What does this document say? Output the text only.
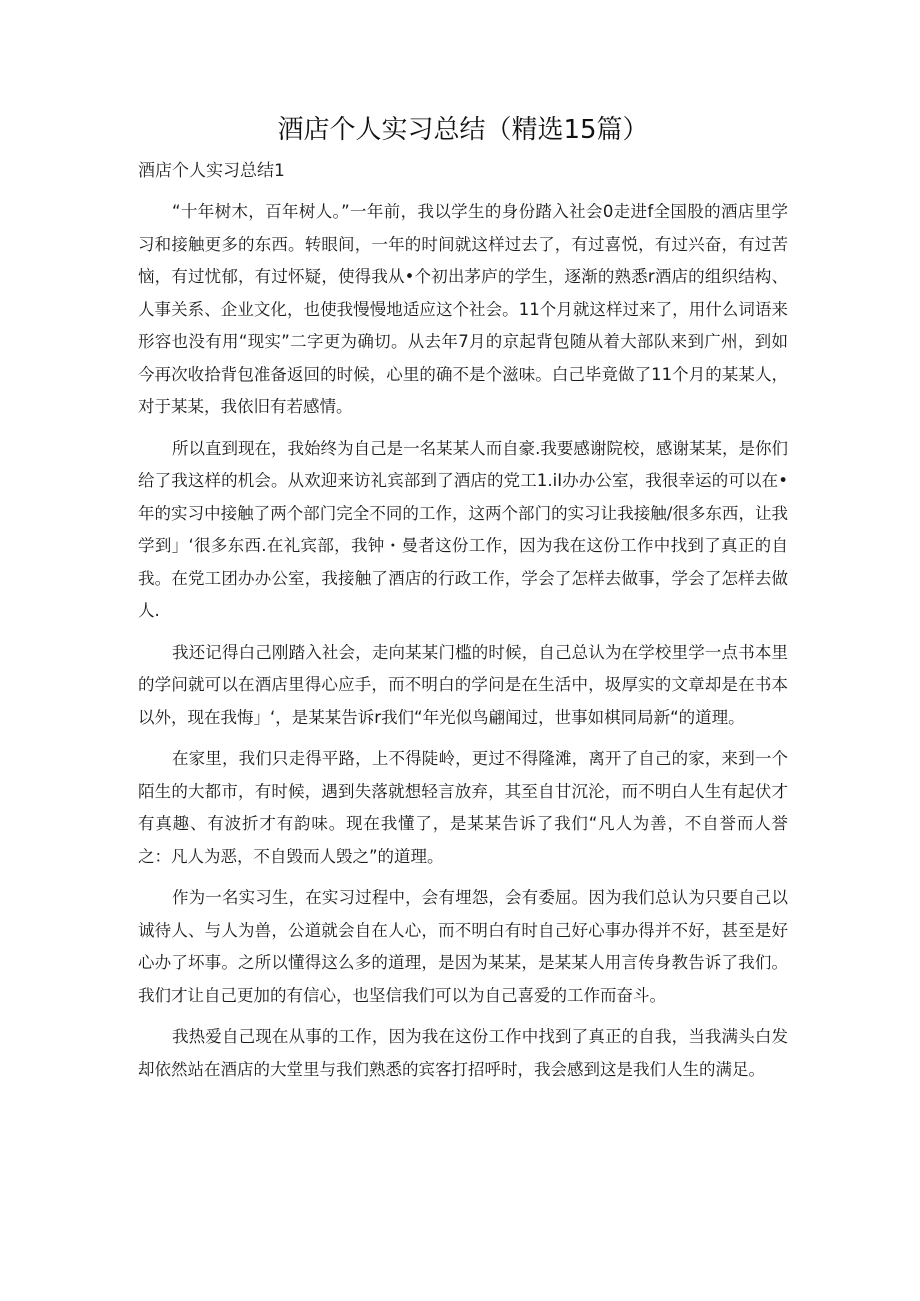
酒店个人实习总结（精选15篇）

酒店个人实习总结1

“十年树木，百年树人。”一年前，我以学生的身份踏入社会0走进f全国股的酒店里学习和接触更多的东西。转眼间，一年的时间就这样过去了，有过喜悦，有过兴奋，有过苦恼，有过忧郁，有过怀疑，使得我从•个初出茅庐的学生，逐渐的熟悉r酒店的组织结构、人事关系、企业文化，也使我慢慢地适应这个社会。11个月就这样过来了，用什么词语来形容也没有用“现实”二字更为确切。从去年7月的京起背包随从着大部队来到广州，到如今再次收拾背包准备返回的时候，心里的确不是个滋味。白己毕竟做了11个月的某某人，对于某某，我依旧有若感情。

所以直到现在，我始终为自己是一名某某人而自豪.我要感谢院校，感谢某某，是你们给了我这样的机会。从欢迎来访礼宾部到了酒店的党工1.iI办办公室，我很幸运的可以在•年的实习中接触了两个部门完全不同的工作，这两个部门的实习让我接触/很多东西，让我学到」‘很多东西.在礼宾部，我钟・曼者这份工作，因为我在这份工作中找到了真正的自我。在党工团办办公室，我接触了酒店的行政工作，学会了怎样去做事，学会了怎样去做人.

我还记得白己刚踏入社会，走向某某门槛的时候，自己总认为在学校里学一点书本里的学问就可以在酒店里得心应手，而不明白的学问是在生活中，圾厚实的文章却是在书本以外，现在我悔」‘，是某某告诉r我们“年光似鸟翩闻过，世事如棋同局新“的道理。

在家里，我们只走得平路，上不得陡岭，更过不得隆滩，离开了自己的家，来到一个陌生的大都市，有时候，遇到失落就想轻言放弃，其至自甘沉沦，而不明白人生有起伏才有真趣、有波折才有韵味。现在我懂了，是某某告诉了我们“凡人为善，不自誉而人誉之：凡人为恶，不自毁而人毁之”的道理。

作为一名实习生，在实习过程中，会有埋怨，会有委屈。因为我们总认为只要自己以诚待人、与人为兽，公道就会自在人心，而不明白有时自己好心事办得并不好，甚至是好心办了坏事。之所以懂得这么多的道理，是因为某某，是某某人用言传身教告诉了我们。我们才让自己更加的有信心，也坚信我们可以为自己喜爱的工作而奋斗。

我热爱自己现在从事的工作，因为我在这份工作中找到了真正的自我，当我满头白发却依然站在酒店的大堂里与我们熟悉的宾客打招呼时，我会感到这是我们人生的满足。
